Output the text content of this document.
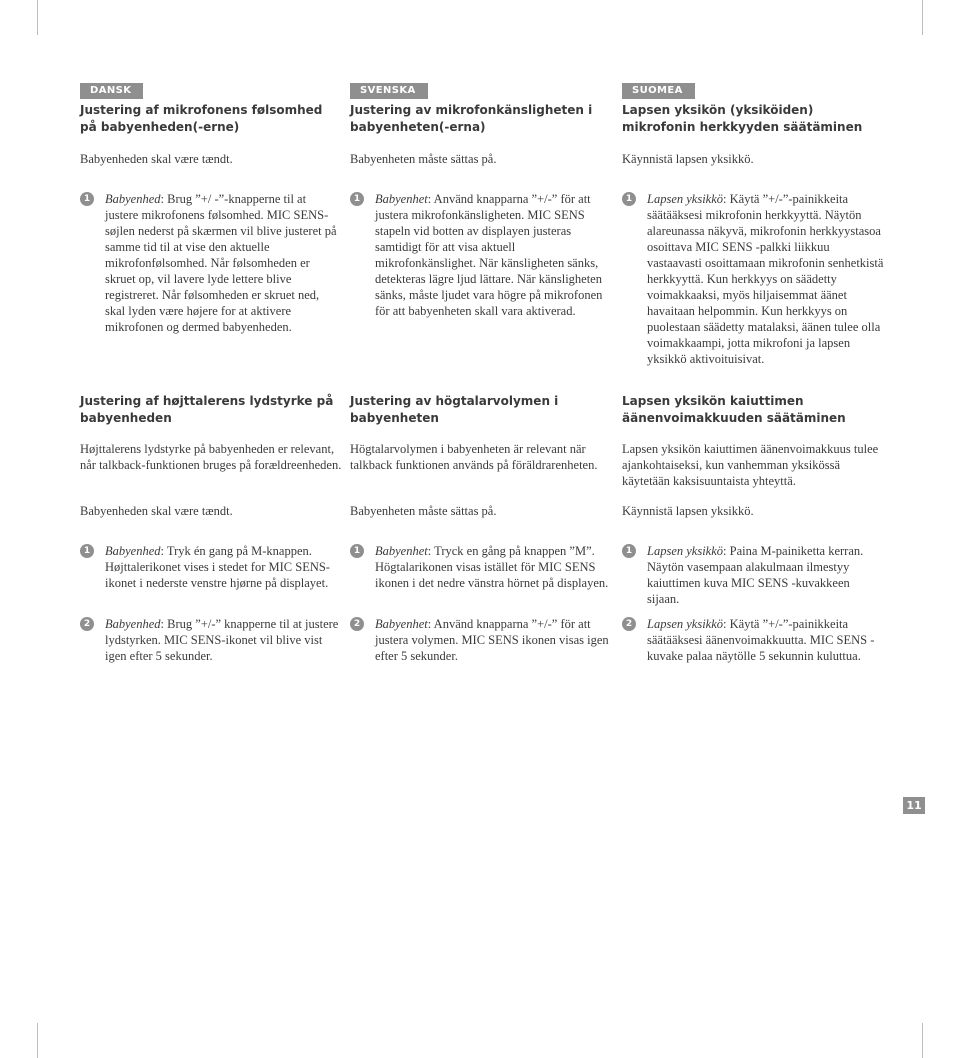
DANSK
Justering af mikrofonens følsomhed på babyenheden(-erne)

Babyenheden skal være tændt.

1	Babyenhed: Brug ”+/ -”-knapperne til at justere mikrofonens følsomhed. MIC SENS-søjlen nederst på skærmen vil blive justeret på samme tid til at vise den aktuelle mikrofonfølsomhed. Når følsomheden er skruet op, vil lavere lyde lettere blive registreret. Når følsomheden er skruet ned, skal lyden være højere for at aktivere mikrofonen og dermed babyenheden.
Justering af højttalerens lydstyrke på babyenheden

Højttalerens lydstyrke på babyenheden er relevant, når talkback-funktionen bruges på forældreenheden.

Babyenheden skal være tændt.

1	Babyenhed: Tryk én gang på M-knappen. Højttalerikonet vises i stedet for MIC SENS-ikonet i nederste venstre hjørne på displayet.
2	Babyenhed: Brug ”+/-” knapperne til at justere lydstyrken. MIC SENS-ikonet vil blive vist igen efter 5 sekunder.
SVENSKA
Justering av mikrofonkänsligheten i babyenheten(-erna)

Babyenheten måste sättas på.

1	Babyenhet: Använd knapparna ”+/-” för att justera mikrofonkänsligheten. MIC SENS stapeln vid botten av displayen justeras samtidigt för att visa aktuell mikrofonkänslighet. När känsligheten sänks, detekteras lägre ljud lättare. När känsligheten sänks, måste ljudet vara högre på mikrofonen för att babyenheten skall vara aktiverad.
Justering av högtalarvolymen i babyenheten

Högtalarvolymen i babyenheten är relevant när talkback funktionen används på föräldrarenheten.

Babyenheten måste sättas på.

1	Babyenhet: Tryck en gång på knappen ”M”. Högtalarikonen visas istället för MIC SENS ikonen i det nedre vänstra hörnet på displayen.
2	Babyenhet: Använd knapparna ”+/-” för att justera volymen. MIC SENS ikonen visas igen efter 5 sekunder.
SUOMEA
Lapsen yksikön (yksiköiden) mikrofonin herkkyyden säätäminen

Käynnistä lapsen yksikkö.

1	Lapsen yksikkö: Käytä ”+/-”-painikkeita säätääksesi mikrofonin herkkyyttä. Näytön alareunassa näkyvä, mikrofonin herkkyystasoa osoittava MIC SENS -palkki liikkuu vastaavasti osoittamaan mikrofonin senhetkistä herkkyyttä. Kun herkkyys on säädetty voimakkaaksi, myös hiljaisemmat äänet havaitaan helpommin. Kun herkkyys on puolestaan säädetty matalaksi, äänen tulee olla voimakkaampi, jotta mikrofoni ja lapsen yksikkö aktivoituisivat.
Lapsen yksikön kaiuttimen äänenvoimakkuuden säätäminen

Lapsen yksikön kaiuttimen äänenvoimakkuus tulee ajankohtaiseksi, kun vanhemman yksikössä käytetään kaksisuuntaista yhteyttä.

Käynnistä lapsen yksikkö.

1	Lapsen yksikkö: Paina M-painiketta kerran. Näytön vasempaan alakulmaan ilmestyy kaiuttimen kuva MIC SENS -kuvakkeen sijaan.
2	Lapsen yksikkö: Käytä ”+/-”-painikkeita säätääksesi äänenvoimakkuutta. MIC SENS -kuvake palaa näytölle 5 sekunnin kuluttua.
11
